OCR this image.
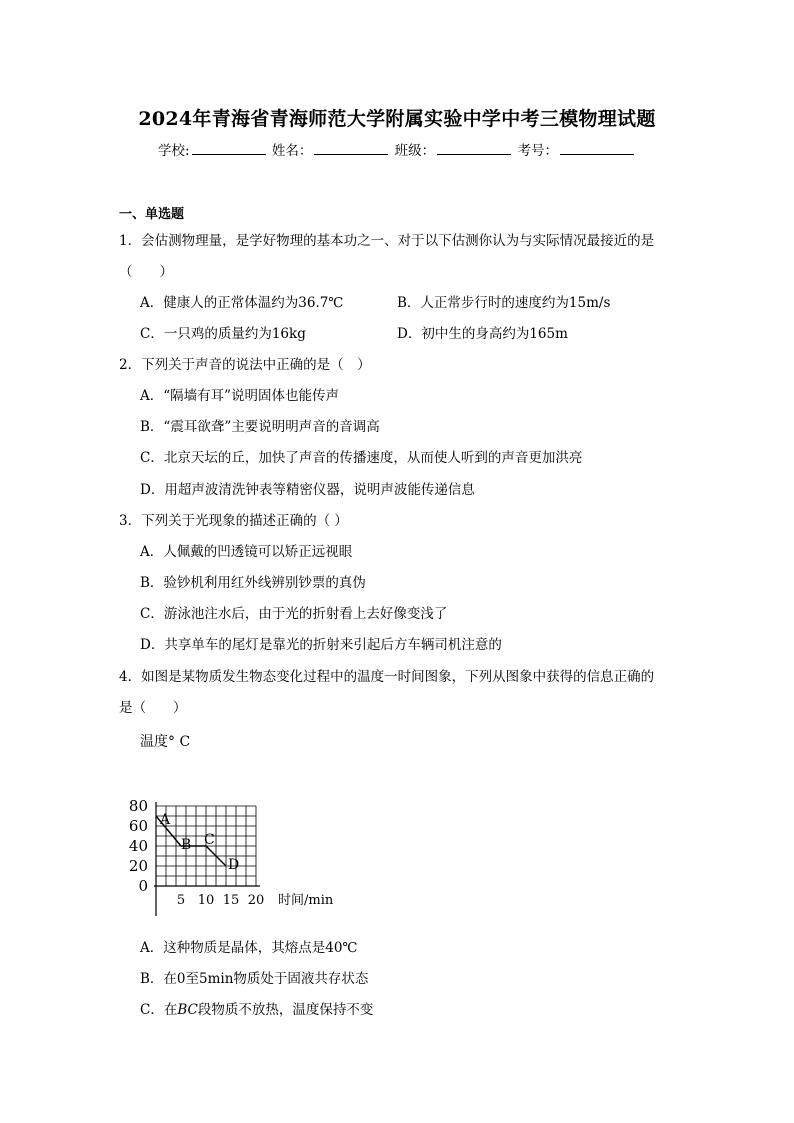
2024年青海省青海师范大学附属实验中学中考三模物理试题
学校:	姓名：	班级：	考号：
一、单选题
1．会估测物理量，是学好物理的基本功之一、对于以下估测你认为与实际情况最接近的是
（　　）
A．健康人的正常体温约为36.7℃	B．人正常步行时的速度约为15m/s
C．一只鸡的质量约为16kg	D．初中生的身高约为165m
2．下列关于声音的说法中正确的是（　）
A．“隔墙有耳”说明固体也能传声
B．“震耳欲聋”主要说明明声音的音调高
C．北京天坛的丘，加快了声音的传播速度，从而使人听到的声音更加洪亮
D．用超声波清洗钟表等精密仪器，说明声波能传递信息
3．下列关于光现象的描述正确的（ ）
A．人佩戴的凹透镜可以矫正远视眼
B．验钞机利用红外线辨别钞票的真伪
C．游泳池注水后，由于光的折射看上去好像变浅了
D．共享单车的尾灯是靠光的折射来引起后方车辆司机注意的
4．如图是某物质发生物态变化过程中的温度一时间图象，下列从图象中获得的信息正确的
是（　　）
A
B C
D
0
20
40
60
80
5 10 15 20
温度° C
时间/min
A．这种物质是晶体，其熔点是40℃
B．在0至5min物质处于固液共存状态
C．在BC段物质不放热，温度保持不变
